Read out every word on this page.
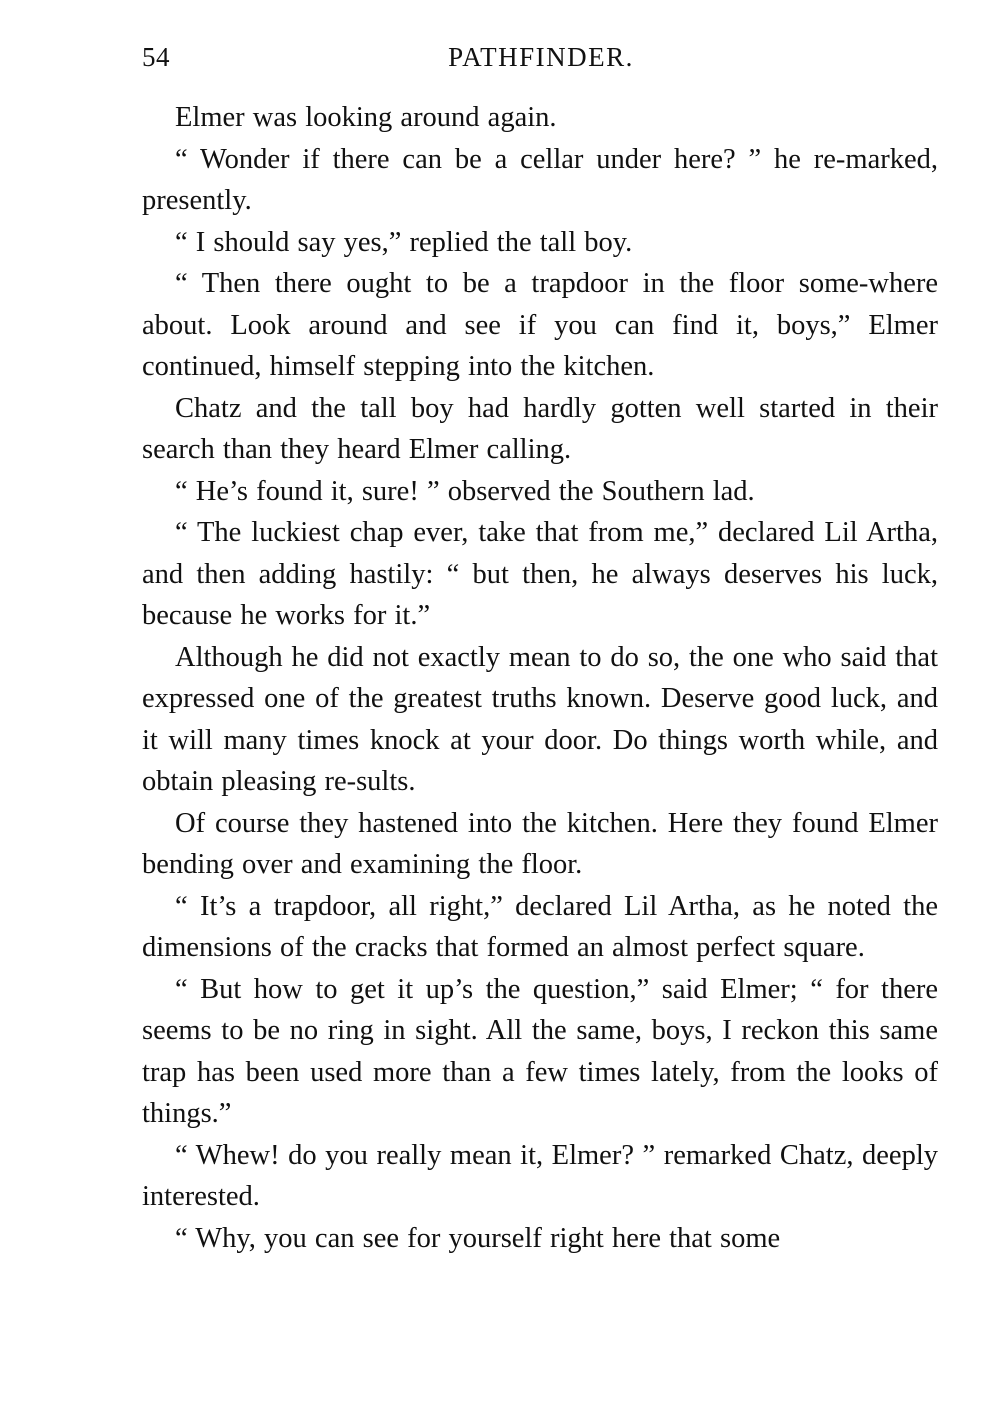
54	PATHFINDER.

Elmer was looking around again.

“ Wonder if there can be a cellar under here? ” he re-marked, presently.

“ I should say yes,” replied the tall boy.

“ Then there ought to be a trapdoor in the floor some-where about. Look around and see if you can find it, boys,” Elmer continued, himself stepping into the kitchen.

Chatz and the tall boy had hardly gotten well started in their search than they heard Elmer calling.

“ He’s found it, sure! ” observed the Southern lad.

“ The luckiest chap ever, take that from me,” declared Lil Artha, and then adding hastily: “ but then, he always deserves his luck, because he works for it.”

Although he did not exactly mean to do so, the one who said that expressed one of the greatest truths known. Deserve good luck, and it will many times knock at your door. Do things worth while, and obtain pleasing re-sults.

Of course they hastened into the kitchen. Here they found Elmer bending over and examining the floor.

“ It’s a trapdoor, all right,” declared Lil Artha, as he noted the dimensions of the cracks that formed an almost perfect square.

“ But how to get it up’s the question,” said Elmer; “ for there seems to be no ring in sight. All the same, boys, I reckon this same trap has been used more than a few times lately, from the looks of things.”

“ Whew! do you really mean it, Elmer? ” remarked Chatz, deeply interested.

“ Why, you can see for yourself right here that some
